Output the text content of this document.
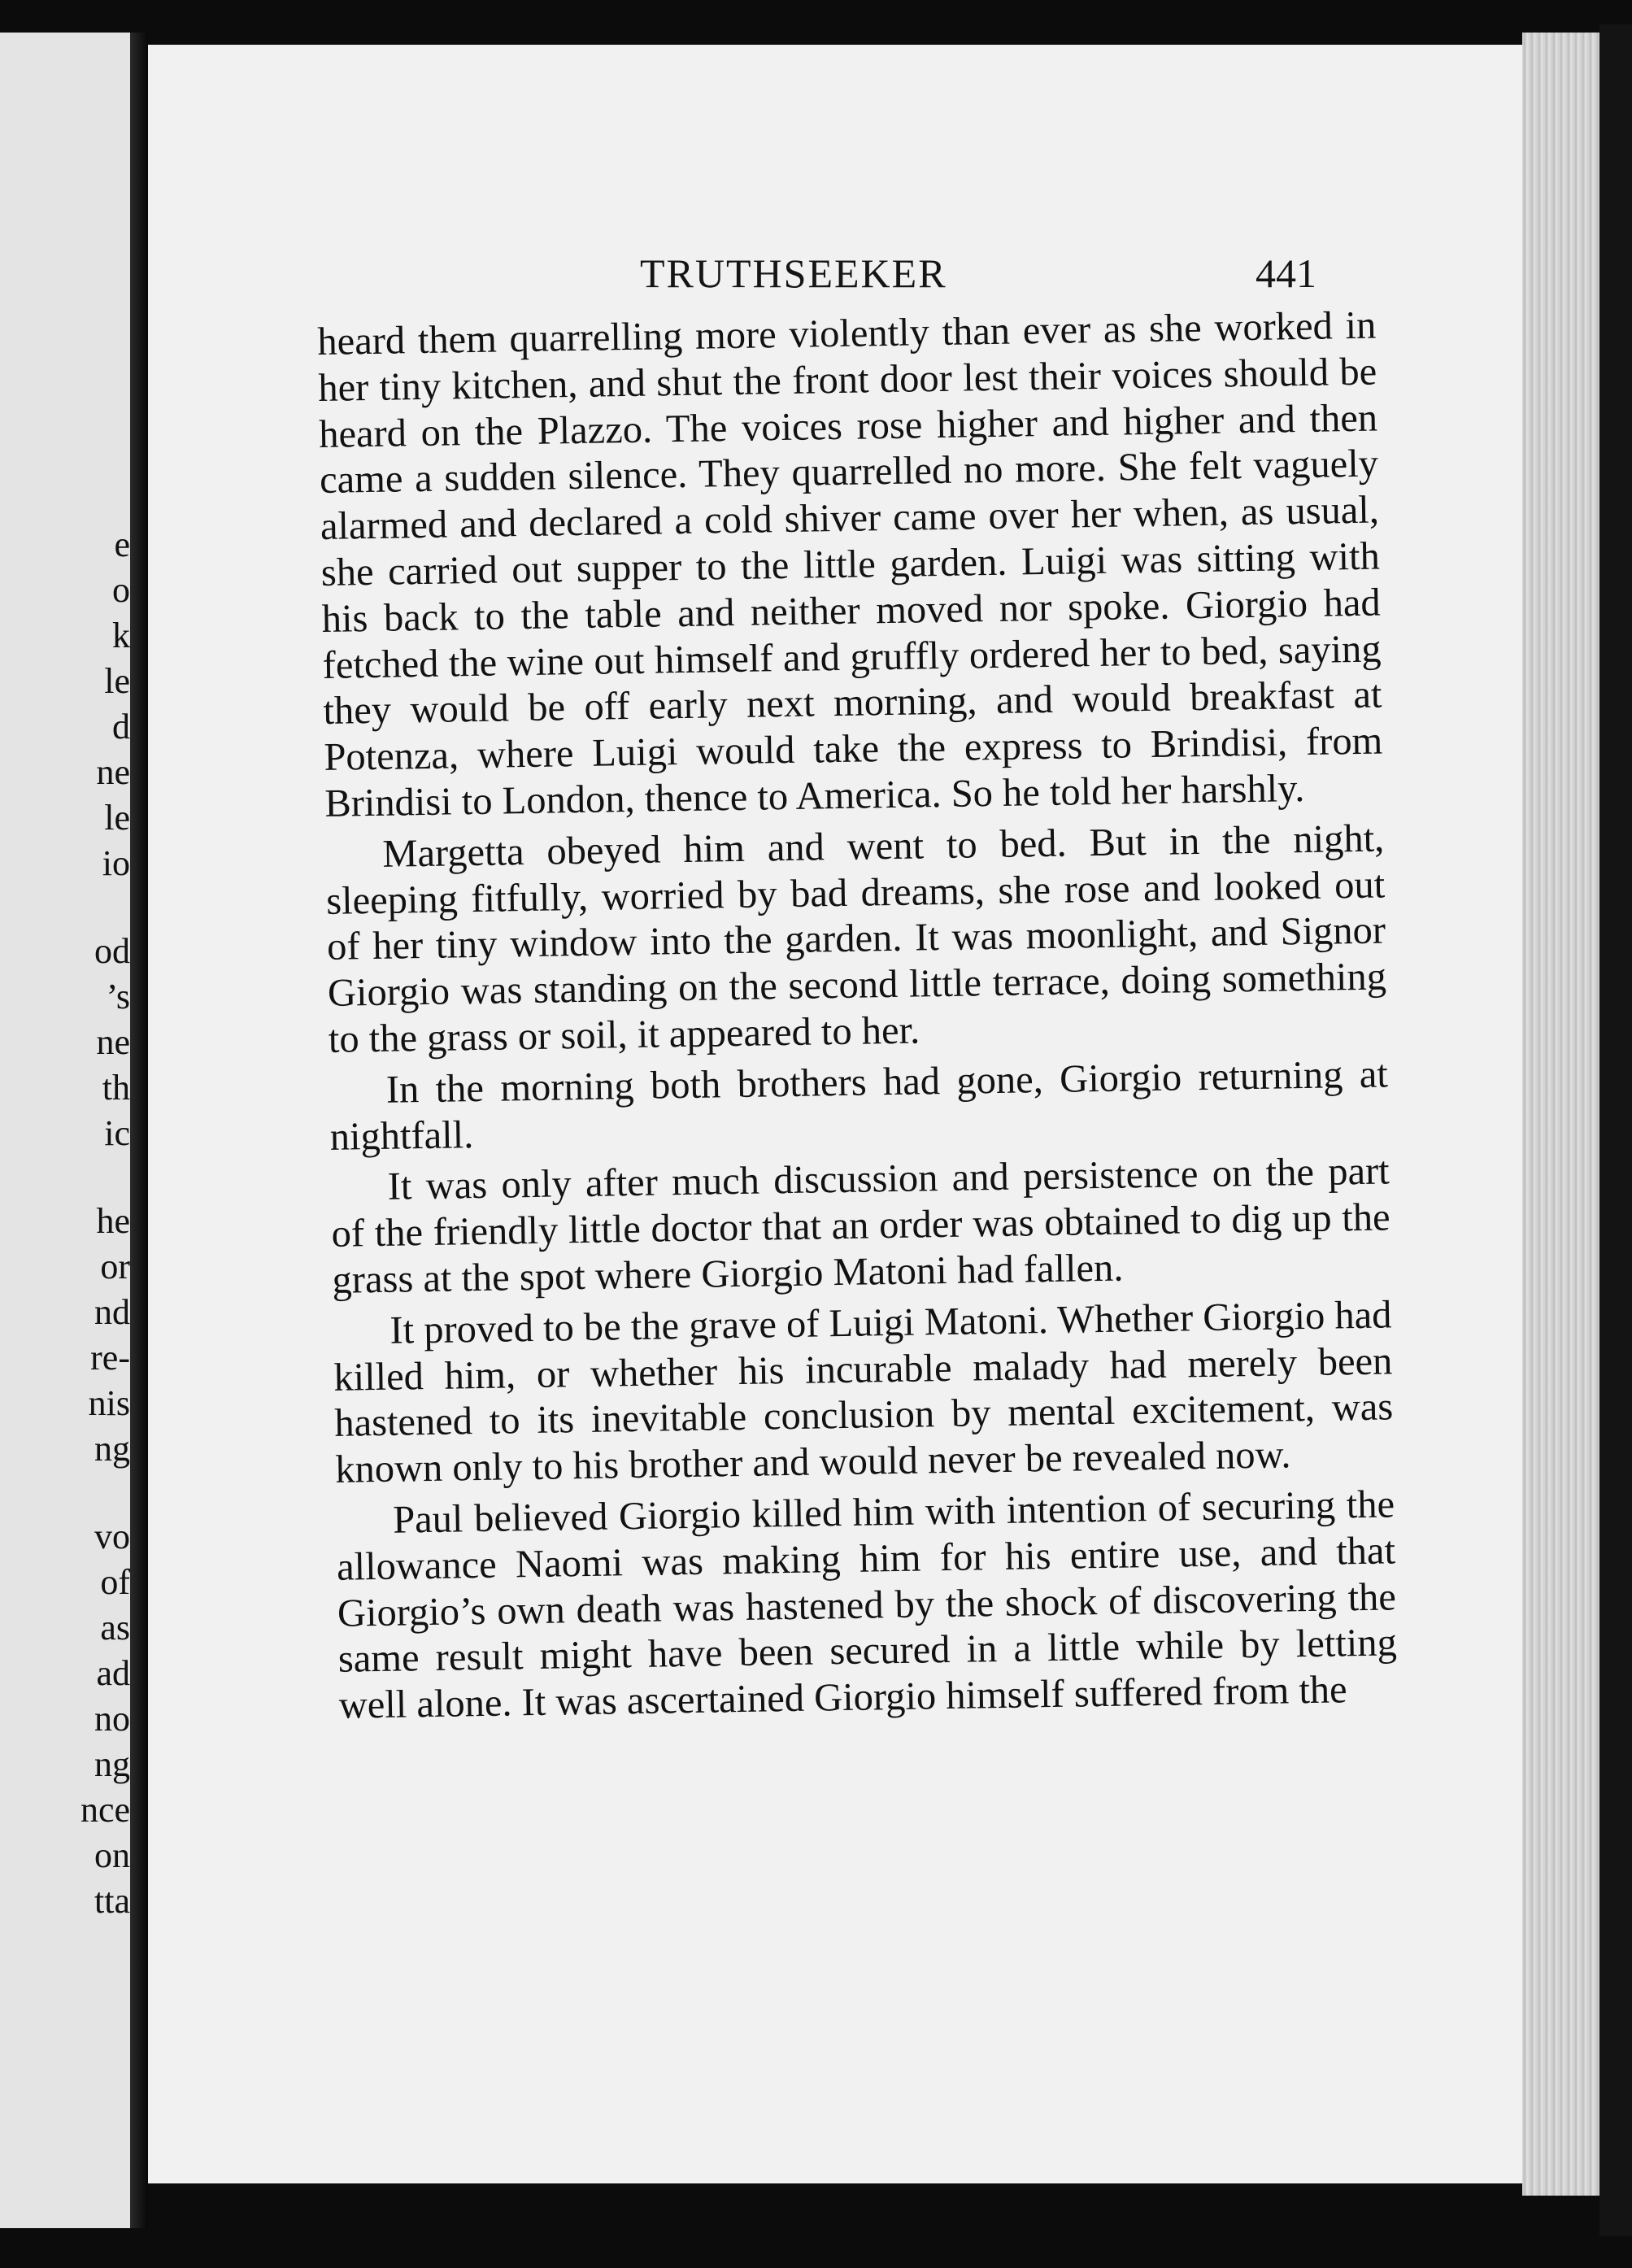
e
o
k
le
d
ne
le
io
od
’s
ne
th
ic
he
or
nd
re-
nis
ng
vo
of
as
ad
no
ng
nce
on
tta
TRUTHSEEKER	441

heard them quarrelling more violently than ever as she worked in her tiny kitchen, and shut the front door lest their voices should be heard on the Plazzo. The voices rose higher and higher and then came a sudden silence. They quarrelled no more. She felt vaguely alarmed and declared a cold shiver came over her when, as usual, she carried out supper to the little garden. Luigi was sitting with his back to the table and neither moved nor spoke. Giorgio had fetched the wine out himself and gruffly ordered her to bed, saying they would be off early next morning, and would breakfast at Potenza, where Luigi would take the express to Brindisi, from Brindisi to London, thence to America. So he told her harshly.

Margetta obeyed him and went to bed. But in the night, sleeping fitfully, worried by bad dreams, she rose and looked out of her tiny window into the garden. It was moonlight, and Signor Giorgio was standing on the second little terrace, doing something to the grass or soil, it appeared to her.

In the morning both brothers had gone, Giorgio returning at nightfall.

It was only after much discussion and persistence on the part of the friendly little doctor that an order was obtained to dig up the grass at the spot where Giorgio Matoni had fallen.

It proved to be the grave of Luigi Matoni. Whether Giorgio had killed him, or whether his incurable malady had merely been hastened to its inevitable conclusion by mental excitement, was known only to his brother and would never be revealed now.

Paul believed Giorgio killed him with intention of securing the allowance Naomi was making him for his entire use, and that Giorgio’s own death was hastened by the shock of discovering the same result might have been secured in a little while by letting well alone. It was ascertained Giorgio himself suffered from the
